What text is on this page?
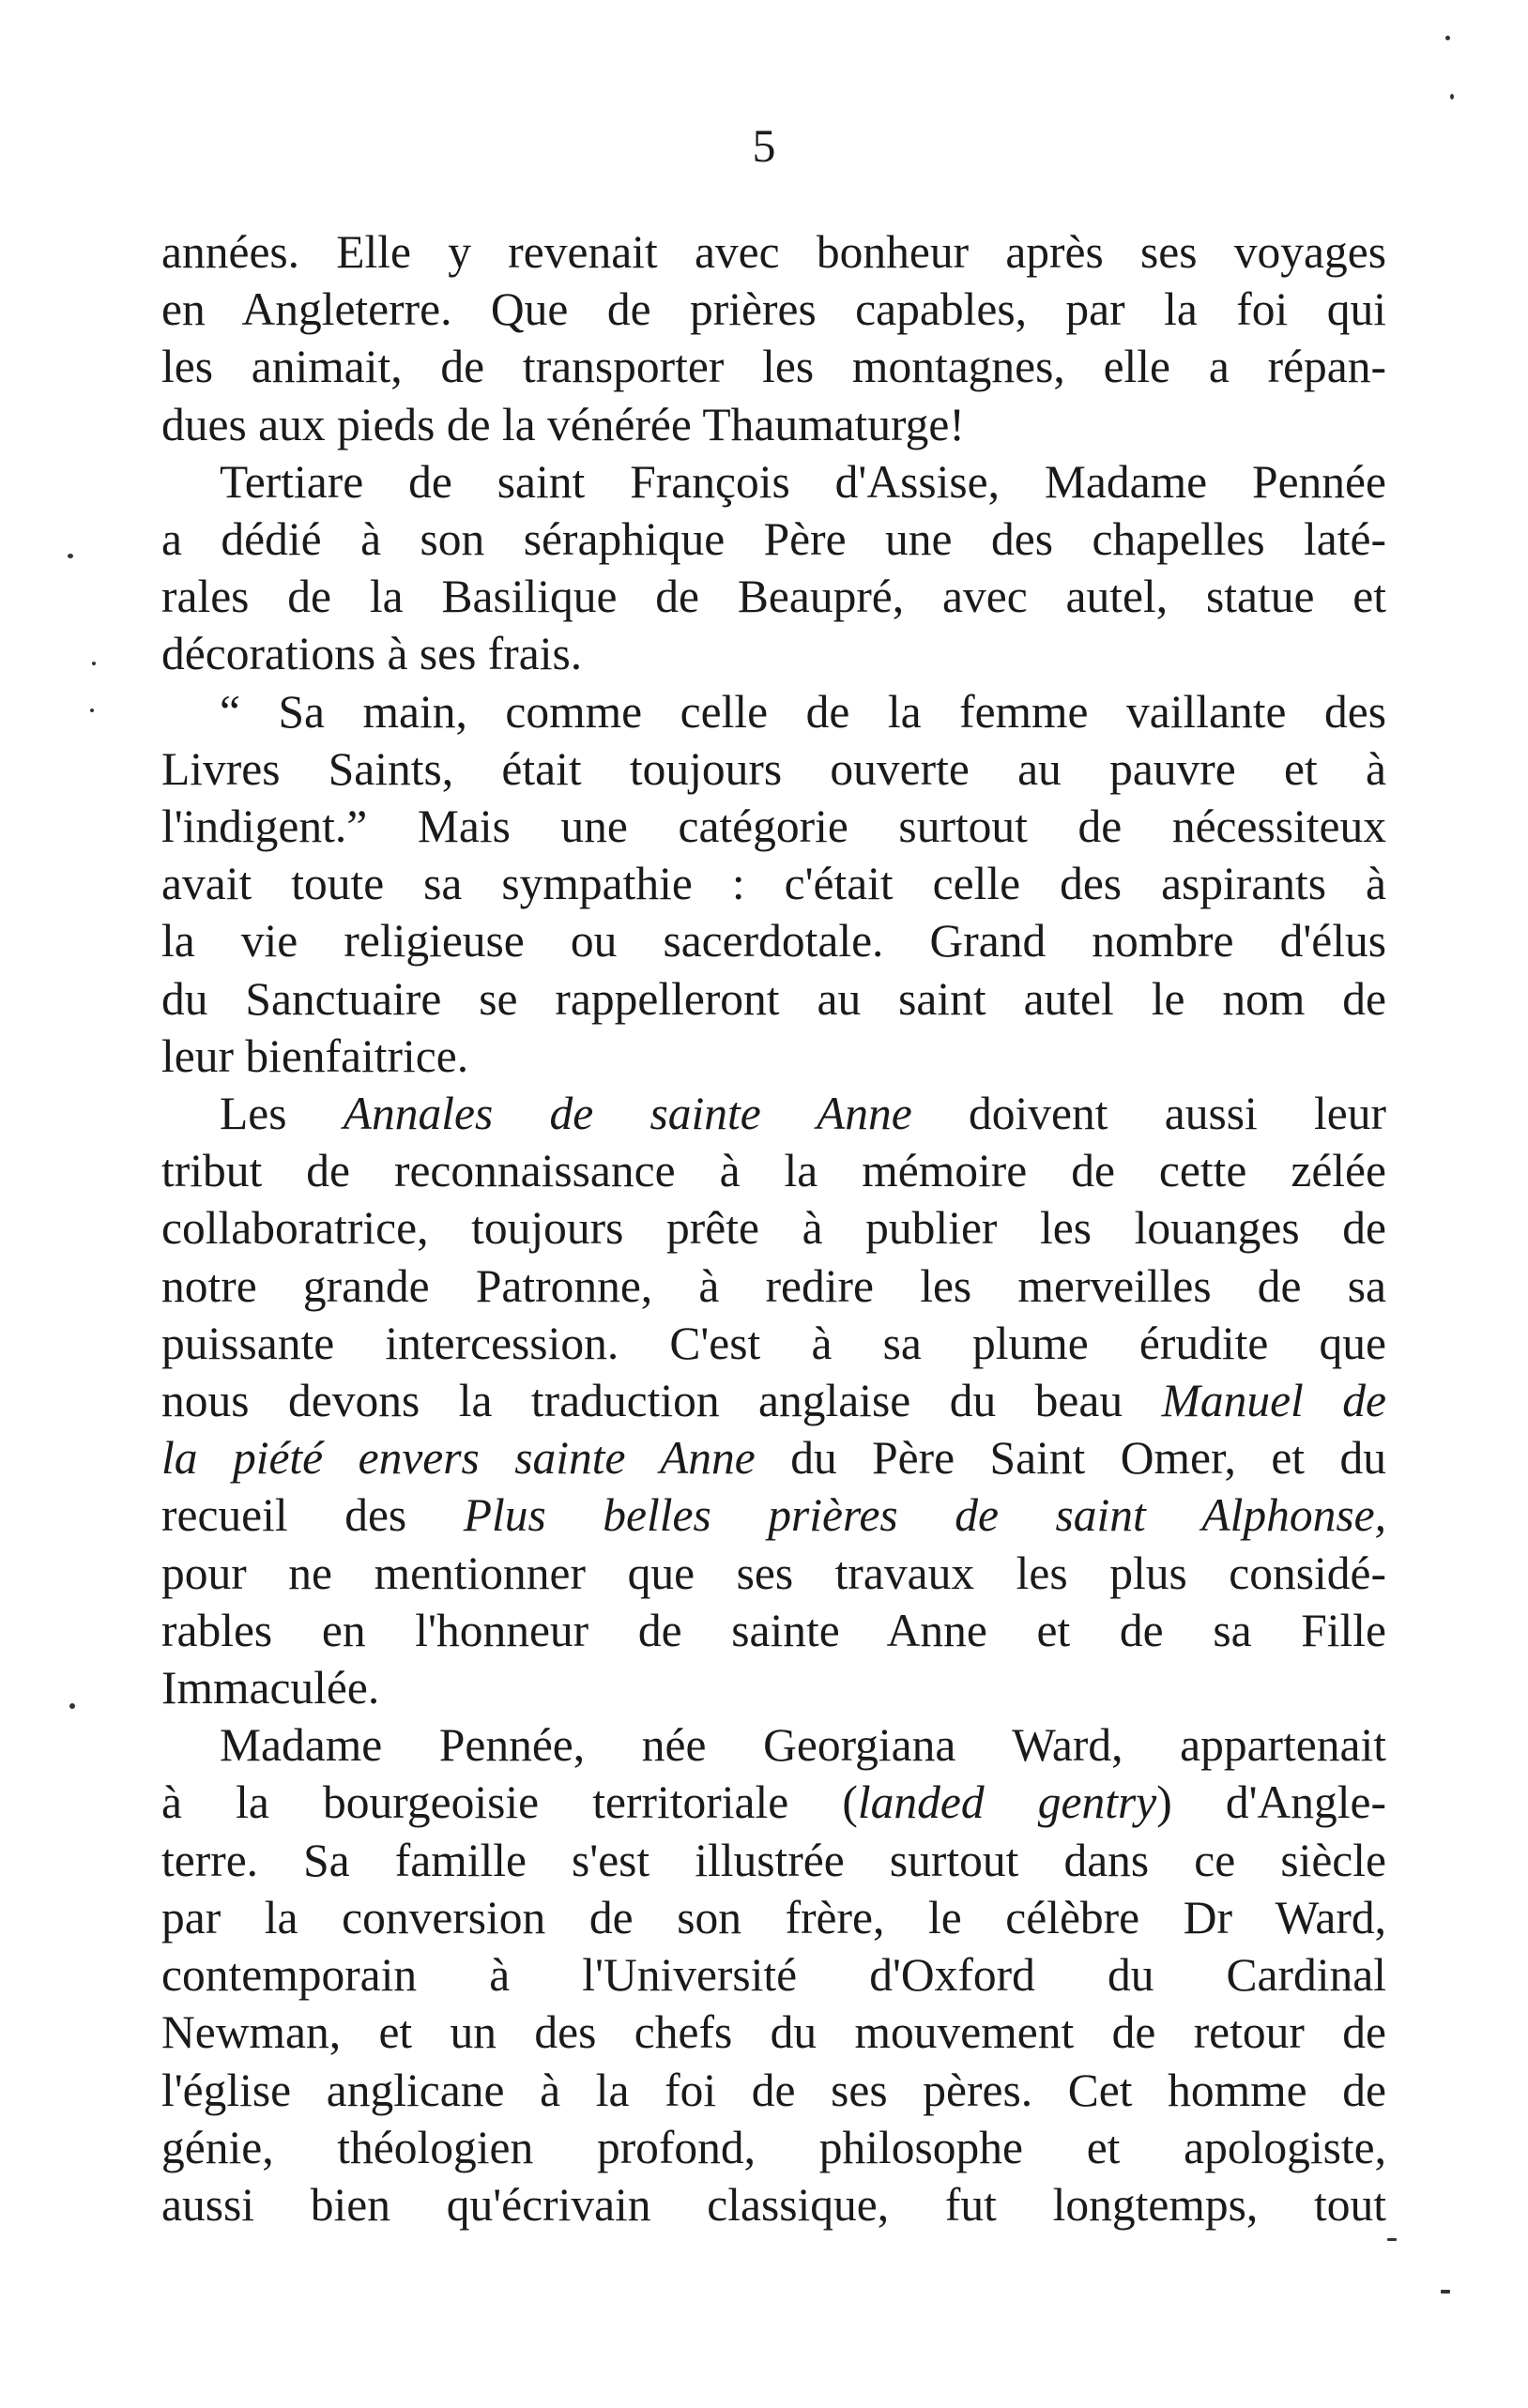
5
années. Elle y revenait avec bonheur après ses voyages
en Angleterre. Que de prières capables, par la foi qui
les animait, de transporter les montagnes, elle a répan-
dues aux pieds de la vénérée Thaumaturge!
Tertiare de saint François d'Assise, Madame Pennée
a dédié à son séraphique Père une des chapelles laté-
rales de la Basilique de Beaupré, avec autel, statue et
décorations à ses frais.
“ Sa main, comme celle de la femme vaillante des
Livres Saints, était toujours ouverte au pauvre et à
l'indigent.” Mais une catégorie surtout de nécessiteux
avait toute sa sympathie : c'était celle des aspirants à
la vie religieuse ou sacerdotale. Grand nombre d'élus
du Sanctuaire se rappelleront au saint autel le nom de
leur bienfaitrice.
Les Annales de sainte Anne doivent aussi leur
tribut de reconnaissance à la mémoire de cette zélée
collaboratrice, toujours prête à publier les louanges de
notre grande Patronne, à redire les merveilles de sa
puissante intercession. C'est à sa plume érudite que
nous devons la traduction anglaise du beau Manuel de
la piété envers sainte Anne du Père Saint Omer, et du
recueil des Plus belles prières de saint Alphonse,
pour ne mentionner que ses travaux les plus considé-
rables en l'honneur de sainte Anne et de sa Fille
Immaculée.
Madame Pennée, née Georgiana Ward, appartenait
à la bourgeoisie territoriale (landed gentry) d'Angle-
terre. Sa famille s'est illustrée surtout dans ce siècle
par la conversion de son frère, le célèbre Dr Ward,
contemporain à l'Université d'Oxford du Cardinal
Newman, et un des chefs du mouvement de retour de
l'église anglicane à la foi de ses pères. Cet homme de
génie, théologien profond, philosophe et apologiste,
aussi bien qu'écrivain classique, fut longtemps, tout
